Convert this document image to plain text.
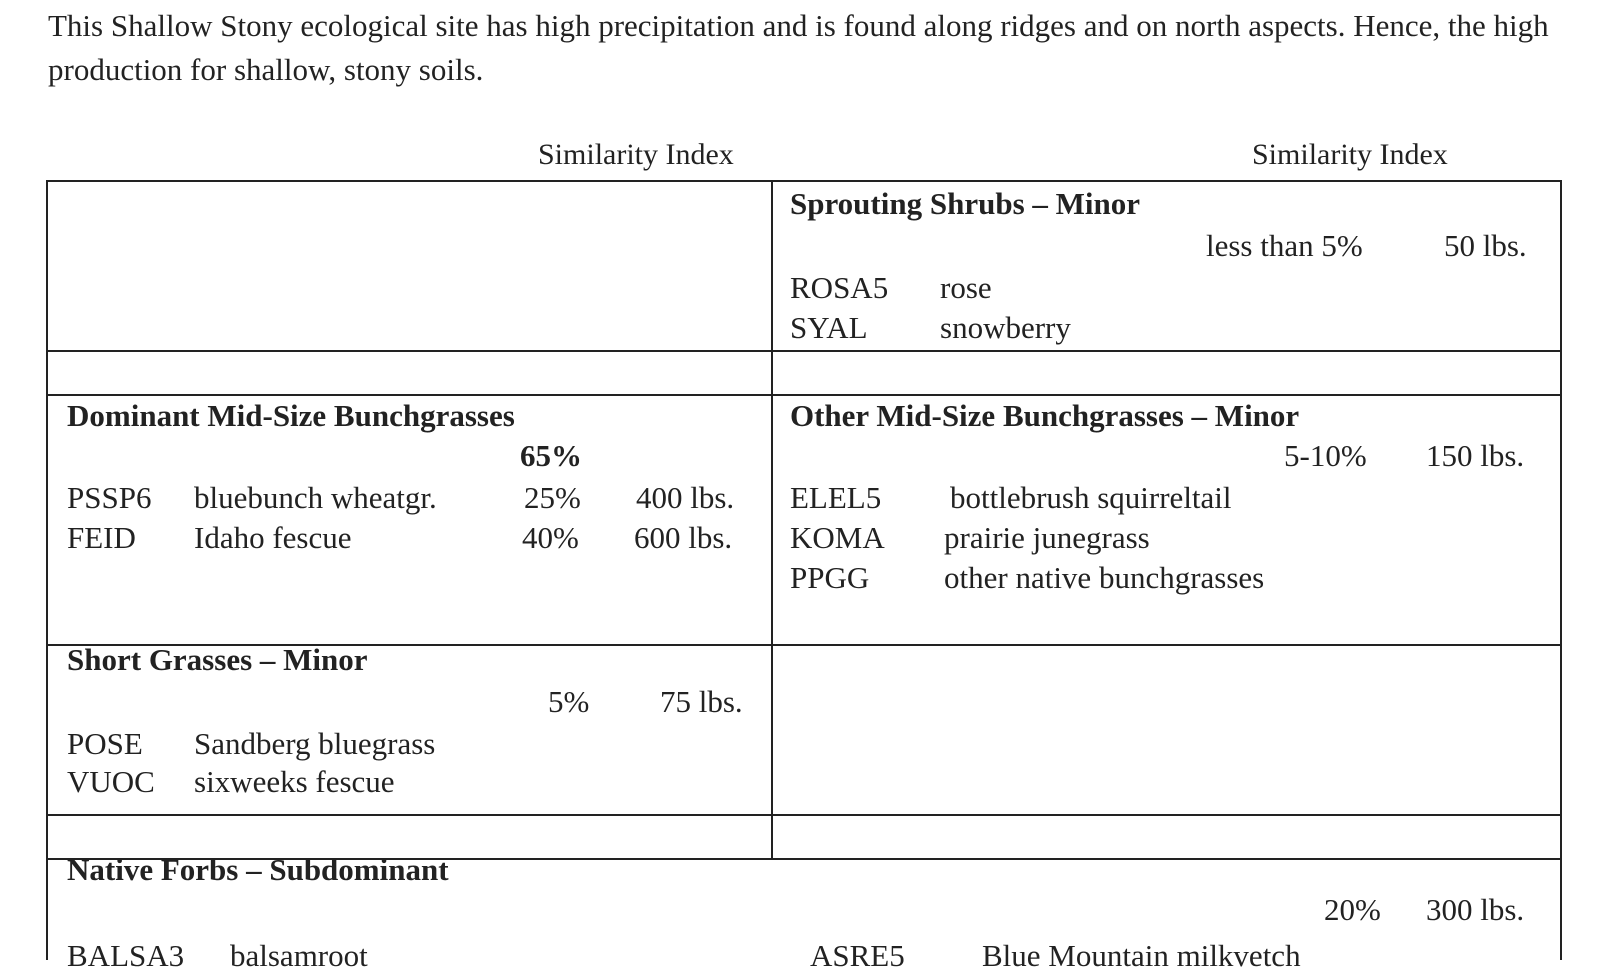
This Shallow Stony ecological site has high precipitation and is found along ridges and on north aspects. Hence, the high production for shallow, stony soils.

Similarity Index	Similarity Index
Sprouting Shrubs – Minor
less than 5%	50 lbs.
ROSA5 rose
SYAL snowberry
Dominant Mid-Size Bunchgrasses
65%
PSSP6 bluebunch wheatgr.	25% 400 lbs.
FEID Idaho fescue	40% 600 lbs.
Other Mid-Size Bunchgrasses – Minor
5-10% 150 lbs.
ELEL5 bottlebrush squirreltail
KOMA prairie junegrass
PPGG other native bunchgrasses
Short Grasses – Minor
5% 75 lbs.
POSE Sandberg bluegrass
VUOC sixweeks fescue
Native Forbs – Subdominant
20% 300 lbs.
BALSA3 balsamroot	ASRE5 Blue Mountain milkvetch
